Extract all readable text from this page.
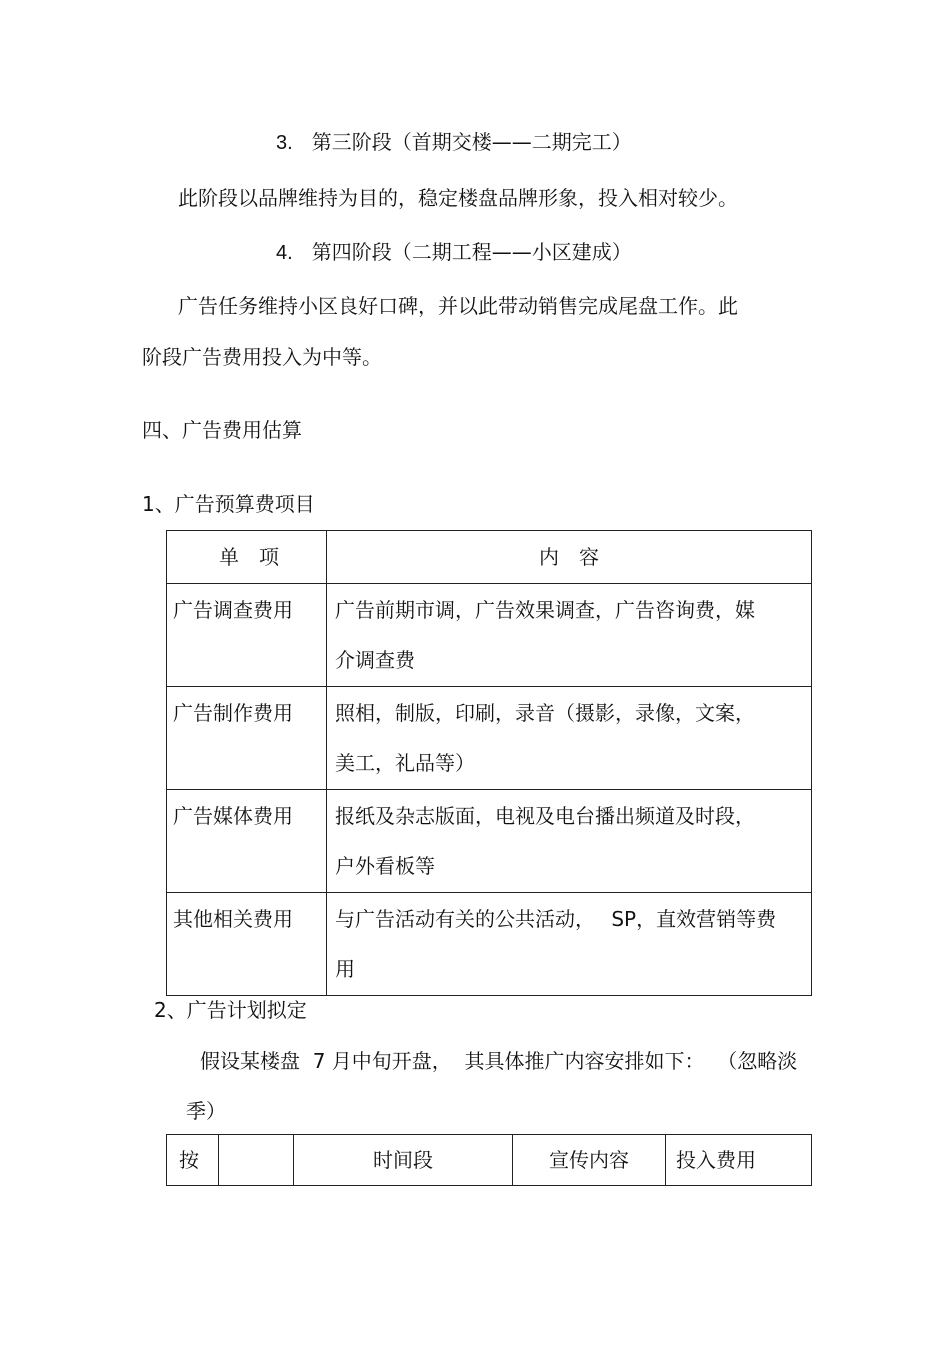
3. 第三阶段（首期交楼——二期完工）
此阶段以品牌维持为目的，稳定楼盘品牌形象，投入相对较少。
4. 第四阶段（二期工程——小区建成）
广告任务维持小区良好口碑，并以此带动销售完成尾盘工作。此
阶段广告费用投入为中等。
四、广告费用估算
1、广告预算费项目
单　项	内　容
广告调查费用	广告前期市调，广告效果调查，广告咨询费，媒
介调查费

广告制作费用	照相，制版，印刷，录音（摄影，录像，文案，
美工，礼品等）

广告媒体费用	报纸及杂志版面，电视及电台播出频道及时段，
户外看板等

其他相关费用	与广告活动有关的公共活动，　 SP，直效营销等费
用
2、广告计划拟定
假设某楼盘  7 月中旬开盘，  其具体推广内容安排如下：  （忽略淡
季）
按		时间段	宣传内容	投入费用
